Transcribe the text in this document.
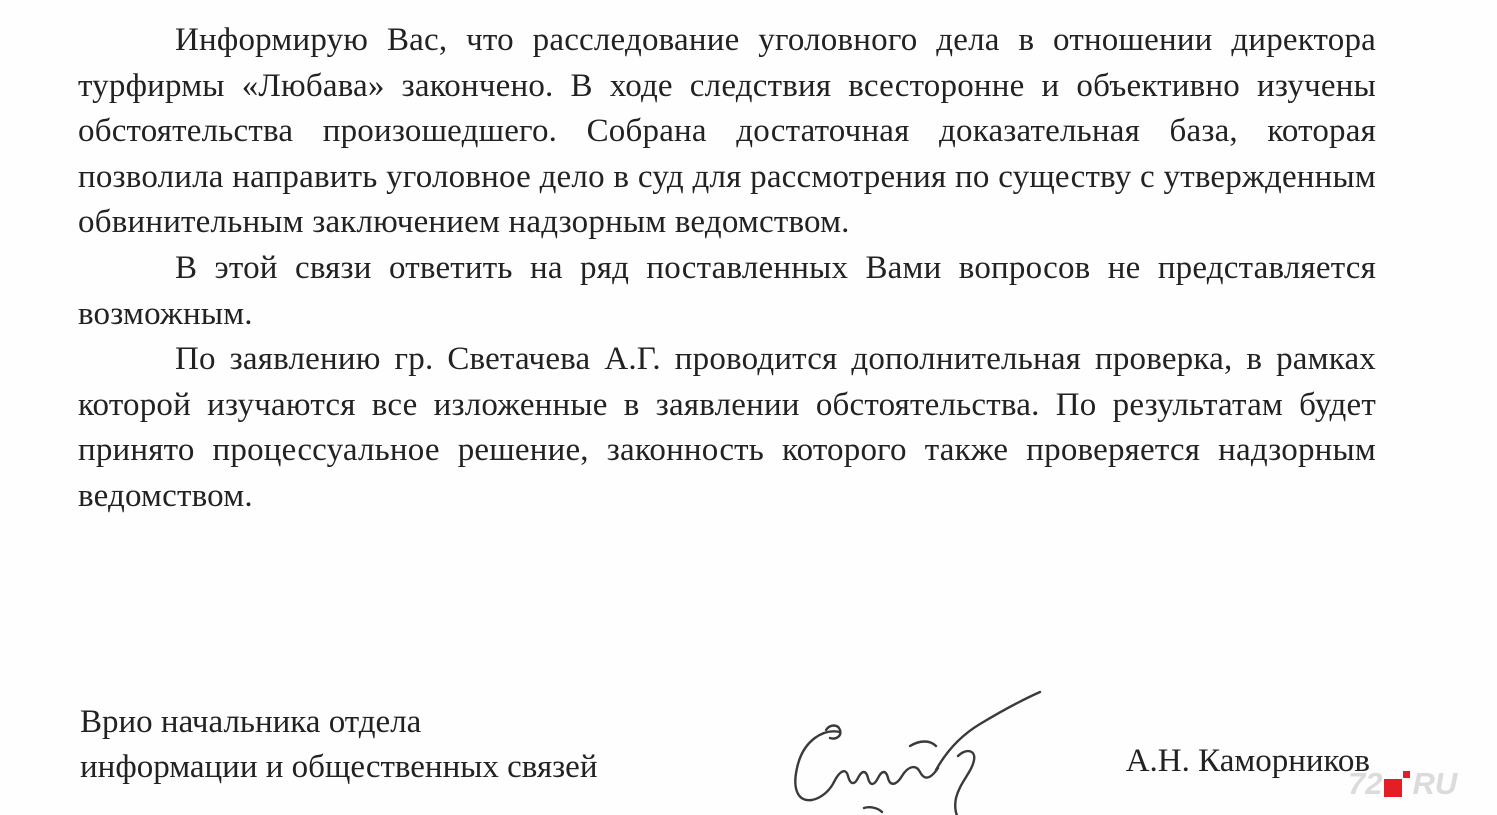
Информирую Вас, что расследование уголовного дела в отношении директора турфирмы «Любава» закончено. В ходе следствия всесторонне и объективно изучены обстоятельства произошедшего. Собрана достаточная доказательная база, которая позволила направить уголовное дело в суд для рассмотрения по существу с утвержденным обвинительным заключением надзорным ведомством.

В этой связи ответить на ряд поставленных Вами вопросов не представляется возможным.

По заявлению гр. Светачева А.Г. проводится дополнительная проверка, в рамках которой изучаются все изложенные в заявлении обстоятельства. По результатам будет принято процессуальное решение, законность которого также проверяется надзорным ведомством.

Врио начальника отдела
информации и общественных связей	А.Н. Каморников
72 RU
